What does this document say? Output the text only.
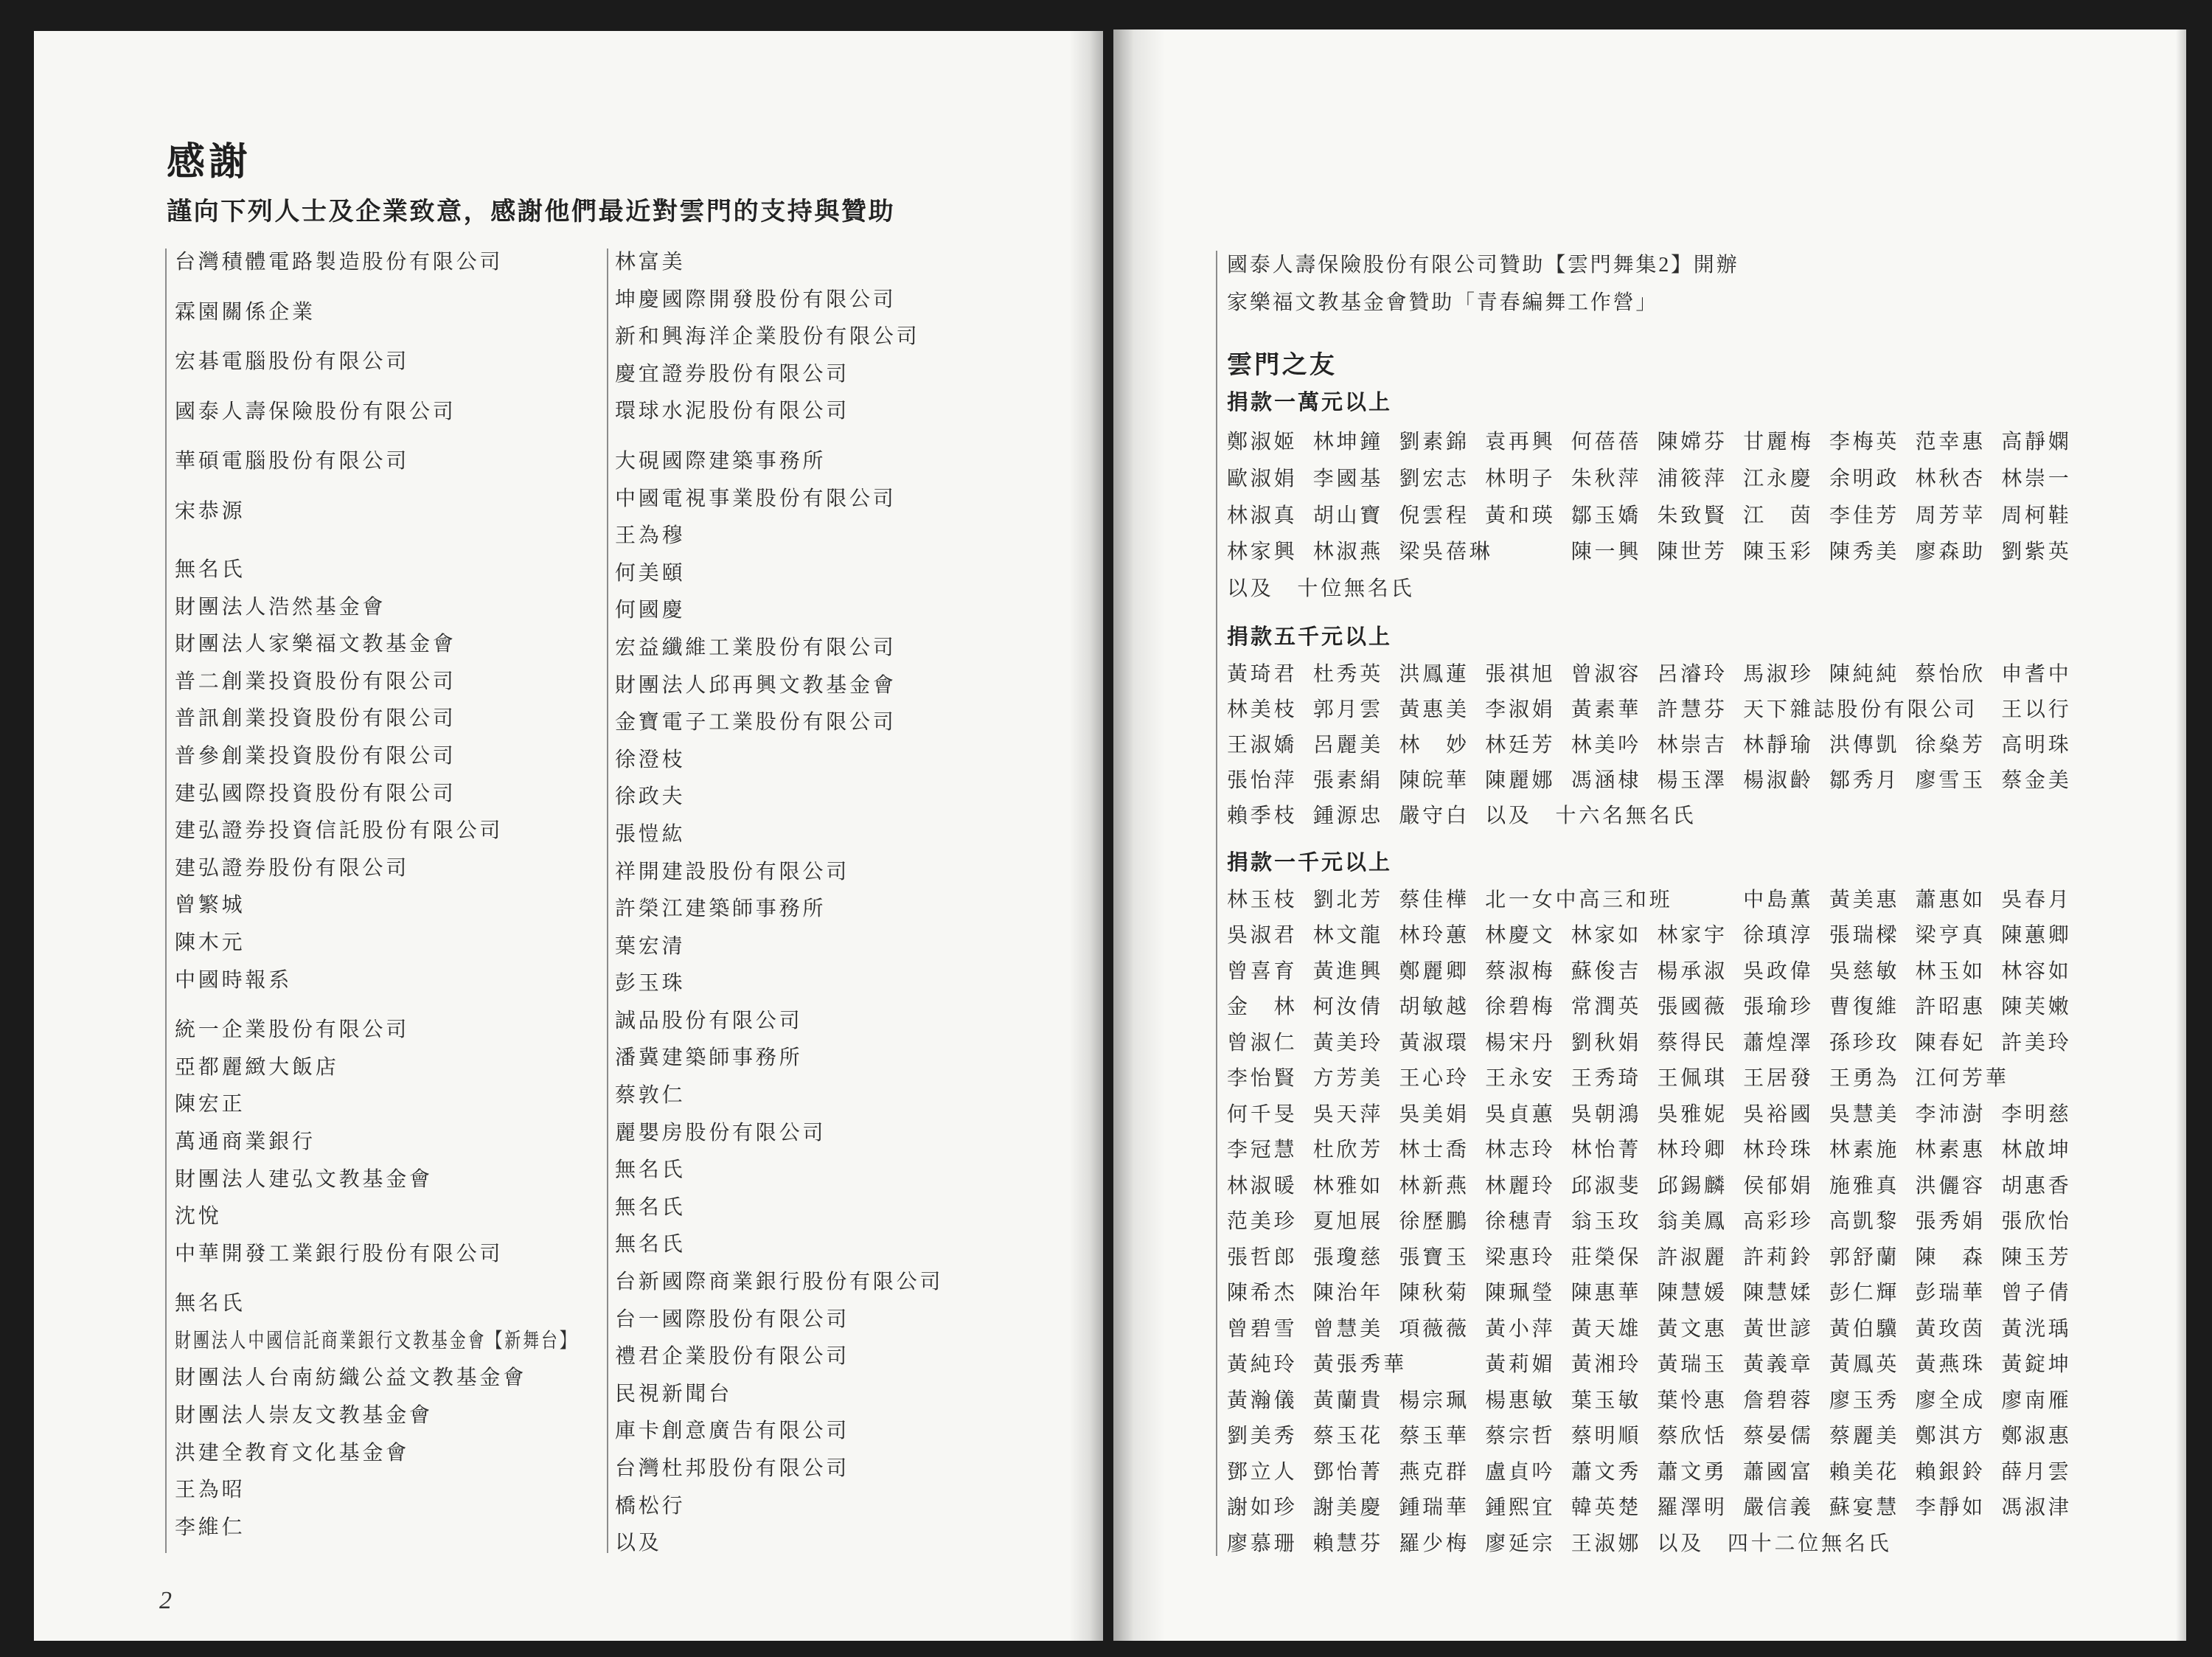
感謝
謹向下列人士及企業致意，感謝他們最近對雲門的支持與贊助
台灣積體電路製造股份有限公司
霖園關係企業
宏碁電腦股份有限公司
國泰人壽保險股份有限公司
華碩電腦股份有限公司
宋恭源
無名氏
財團法人浩然基金會
財團法人家樂福文教基金會
普二創業投資股份有限公司
普訊創業投資股份有限公司
普參創業投資股份有限公司
建弘國際投資股份有限公司
建弘證券投資信託股份有限公司
建弘證券股份有限公司
曾繁城
陳木元
中國時報系
統一企業股份有限公司
亞都麗緻大飯店
陳宏正
萬通商業銀行
財團法人建弘文教基金會
沈悅
中華開發工業銀行股份有限公司
無名氏
財團法人中國信託商業銀行文教基金會【新舞台】
財團法人台南紡織公益文教基金會
財團法人崇友文教基金會
洪建全教育文化基金會
王為昭
李維仁
林富美
坤慶國際開發股份有限公司
新和興海洋企業股份有限公司
慶宜證券股份有限公司
環球水泥股份有限公司
大硯國際建築事務所
中國電視事業股份有限公司
王為穆
何美頤
何國慶
宏益纖維工業股份有限公司
財團法人邱再興文教基金會
金寶電子工業股份有限公司
徐澄枝
徐政夫
張愷紘
祥開建設股份有限公司
許榮江建築師事務所
葉宏清
彭玉珠
誠品股份有限公司
潘冀建築師事務所
蔡敦仁
麗嬰房股份有限公司
無名氏
無名氏
無名氏
台新國際商業銀行股份有限公司
台一國際股份有限公司
禮君企業股份有限公司
民視新聞台
庫卡創意廣告有限公司
台灣杜邦股份有限公司
橋松行
以及
2
國泰人壽保險股份有限公司贊助【雲門舞集2】開辦
家樂福文教基金會贊助「青春編舞工作營」
雲門之友
捐款一萬元以上
鄭淑姬 林坤鐘 劉素錦 袁再興 何蓓蓓 陳嫦芬 甘麗梅 李梅英 范幸惠 高靜嫻
歐淑娟 李國基 劉宏志 林明子 朱秋萍 浦筱萍 江永慶 余明政 林秋杏 林崇一
林淑真 胡山寶 倪雲程 黃和瑛 鄒玉嬌 朱致賢 江　茵 李佳芳 周芳苹 周柯鞋
林家興 林淑燕 梁吳蓓琳	陳一興 陳世芳 陳玉彩 陳秀美 廖森助 劉紫英
以及　十位無名氏
捐款五千元以上
黃琦君 杜秀英 洪鳳蓮 張祺旭 曾淑容 呂濬玲 馬淑珍 陳純純 蔡怡欣 申耆中
林美枝 郭月雲 黃惠美 李淑娟 黃素華 許慧芬 天下雜誌股份有限公司	王以行
王淑嬌 呂麗美 林　妙 林廷芳 林美吟 林崇吉 林靜瑜 洪傳凱 徐燊芳 高明珠
張怡萍 張素絹 陳皖華 陳麗娜 馮涵棣 楊玉澤 楊淑齡 鄒秀月 廖雪玉 蔡金美
賴季枝 鍾源忠 嚴守白 以及　十六名無名氏
捐款一千元以上
林玉枝 劉北芳 蔡佳樺 北一女中高三和班	中島薫 黃美惠 蕭惠如 吳春月
吳淑君 林文龍 林玲蕙 林慶文 林家如 林家宇 徐瑱淳 張瑞樑 梁亨真 陳蕙卿
曾喜育 黃進興 鄭麗卿 蔡淑梅 蘇俊吉 楊承淑 吳政偉 吳慈敏 林玉如 林容如
金　林 柯汝倩 胡敏越 徐碧梅 常潤英 張國薇 張瑜珍 曹復維 許昭惠 陳芙嫩
曾淑仁 黃美玲 黃淑環 楊宋丹 劉秋娟 蔡得民 蕭煌澤 孫珍玫 陳春妃 許美玲
李怡賢 方芳美 王心玲 王永安 王秀琦 王佩琪 王居發 王勇為 江何芳華
何千旻 吳天萍 吳美娟 吳貞蕙 吳朝鴻 吳雅妮 吳裕國 吳慧美 李沛澍 李明慈
李冠慧 杜欣芳 林士喬 林志玲 林怡菁 林玲卿 林玲珠 林素施 林素惠 林啟坤
林淑暖 林雅如 林新燕 林麗玲 邱淑斐 邱錫麟 侯郁娟 施雅真 洪儷容 胡惠香
范美珍 夏旭展 徐歷鵬 徐穗青 翁玉玫 翁美鳳 高彩珍 高凱黎 張秀娟 張欣怡
張哲郎 張瓊慈 張寶玉 梁惠玲 莊榮保 許淑麗 許莉鈴 郭舒蘭 陳　森 陳玉芳
陳希杰 陳治年 陳秋菊 陳珮瑩 陳惠華 陳慧媛 陳慧媃 彭仁輝 彭瑞華 曾子倩
曾碧雪 曾慧美 項薇薇 黃小萍 黃天雄 黃文惠 黃世諺 黃伯驥 黃玫茵 黃洸瑀
黃純玲 黃張秀華	黃莉媚 黃湘玲 黃瑞玉 黃義章 黃鳳英 黃燕珠 黃錠坤
黃瀚儀 黃蘭貴 楊宗珮 楊惠敏 葉玉敏 葉怜惠 詹碧蓉 廖玉秀 廖全成 廖南雁
劉美秀 蔡玉花 蔡玉華 蔡宗哲 蔡明順 蔡欣恬 蔡晏儒 蔡麗美 鄭淇方 鄭淑惠
鄧立人 鄧怡菁 燕克群 盧貞吟 蕭文秀 蕭文勇 蕭國富 賴美花 賴銀鈴 薛月雲
謝如珍 謝美慶 鍾瑞華 鍾熙宜 韓英楚 羅澤明 嚴信義 蘇宴慧 李靜如 馮淑津
廖慕珊 賴慧芬 羅少梅 廖延宗 王淑娜 以及　四十二位無名氏
